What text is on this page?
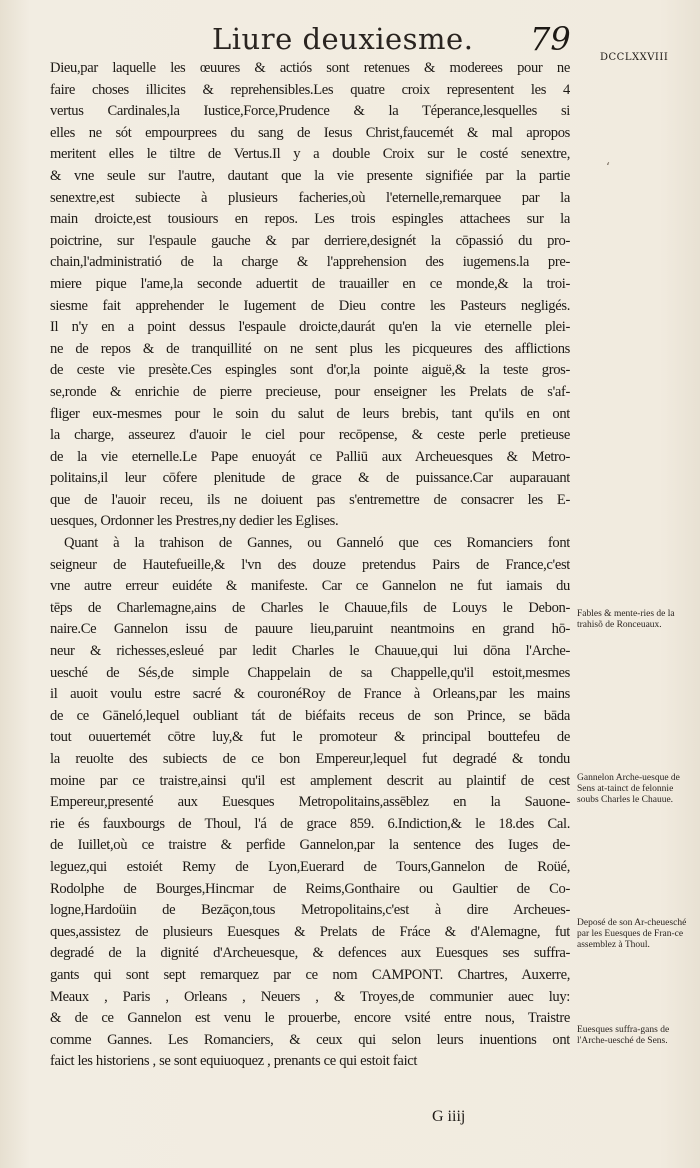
Liure deuxiesme. 79	DCCLXXVIII
‘
Dieu,par laquelle les œuures & actiós sont retenues & moderees pour ne
faire choses illicites & reprehensibles.Les quatre croix representent les 4
vertus Cardinales,la Iustice,Force,Prudence & la Téperance,lesquelles si
elles ne sót empourprees du sang de Iesus Christ,faucemét & mal apropos
meritent elles le tiltre de Vertus.Il y a double Croix sur le costé senextre,
& vne seule sur l'autre, dautant que la vie presente signifiée par la partie
senextre,est subiecte à plusieurs facheries,où l'eternelle,remarquee par la
main droicte,est tousiours en repos. Les trois espingles attachees sur la
poictrine, sur l'espaule gauche & par derriere,designét la cōpassió du pro-
chain,l'administratió de la charge & l'apprehension des iugemens.la pre-
miere pique l'ame,la seconde aduertit de trauailler en ce monde,& la troi-
siesme fait apprehender le Iugement de Dieu contre les Pasteurs negligés.
Il n'y en a point dessus l'espaule droicte,daurát qu'en la vie eternelle plei-
ne de repos & de tranquillité on ne sent plus les picqueures des afflictions
de ceste vie presète.Ces espingles sont d'or,la pointe aiguë,& la teste gros-
se,ronde & enrichie de pierre precieuse, pour enseigner les Prelats de s'af-
fliger eux-mesmes pour le soin du salut de leurs brebis, tant qu'ils en ont
la charge, asseurez d'auoir le ciel pour recōpense, & ceste perle pretieuse
de la vie eternelle.Le Pape enuoyát ce Palliū aux Archeuesques & Metro-
politains,il leur cōfere plenitude de grace & de puissance.Car auparauant
que de l'auoir receu, ils ne doiuent pas s'entremettre de consacrer les E-
uesques, Ordonner les Prestres,ny dedier les Eglises.
Quant à la trahison de Gannes, ou Ganneló que ces Romanciers font
seigneur de Hautefueille,& l'vn des douze pretendus Pairs de France,c'est
vne autre erreur euidéte & manifeste. Car ce Gannelon ne fut iamais du
tēps de Charlemagne,ains de Charles le Chauue,fils de Louys le Debon-
naire.Ce Gannelon issu de pauure lieu,paruint neantmoins en grand hō-
neur & richesses,esleué par ledit Charles le Chauue,qui lui dōna l'Arche-
uesché de Sés,de simple Chappelain de sa Chappelle,qu'il estoit,mesmes
il auoit voulu estre sacré & couronéRoy de France à Orleans,par les mains
de ce Gāneló,lequel oubliant tát de biéfaits receus de son Prince, se bāda
tout ouuertemét cōtre luy,& fut le promoteur & principal bouttefeu de
la reuolte des subiects de ce bon Empereur,lequel fut degradé & tondu
moine par ce traistre,ainsi qu'il est amplement descrit au plaintif de cest
Empereur,presenté aux Euesques Metropolitains,assēblez en la Sauone-
rie és fauxbourgs de Thoul, l'á de grace 859. 6.Indiction,& le 18.des Cal.
de Iuillet,où ce traistre & perfide Gannelon,par la sentence des Iuges de-
leguez,qui estoiét Remy de Lyon,Euerard de Tours,Gannelon de Roüé,
Rodolphe de Bourges,Hincmar de Reims,Gonthaire ou Gaultier de Co-
logne,Hardoüin de Bezāçon,tous Metropolitains,c'est à dire Archeues-
ques,assistez de plusieurs Euesques & Prelats de Fráce & d'Alemagne, fut
degradé de la dignité d'Archeuesque, & defences aux Euesques ses suffra-
gants qui sont sept remarquez par ce nom CAMPONT. Chartres, Auxerre,
Meaux , Paris , Orleans , Neuers , & Troyes,de communier auec luy:
& de ce Gannelon est venu le prouerbe, encore vsité entre nous, Traistre
comme Gannes. Les Romanciers, & ceux qui selon leurs inuentions ont
faict les historiens , se sont equiuoquez , prenants ce qui estoit faict
Fables & mente-ries de la trahisõ de Ronceuaux.
Gannelon Arche-uesque de Sens at-tainct de felonnie soubs Charles le Chauue.
Deposé de son Ar-cheuesché par les Euesques de Fran-ce assemblez à Thoul.
Euesques suffra-gans de l'Arche-uesché de Sens.
G iiij
